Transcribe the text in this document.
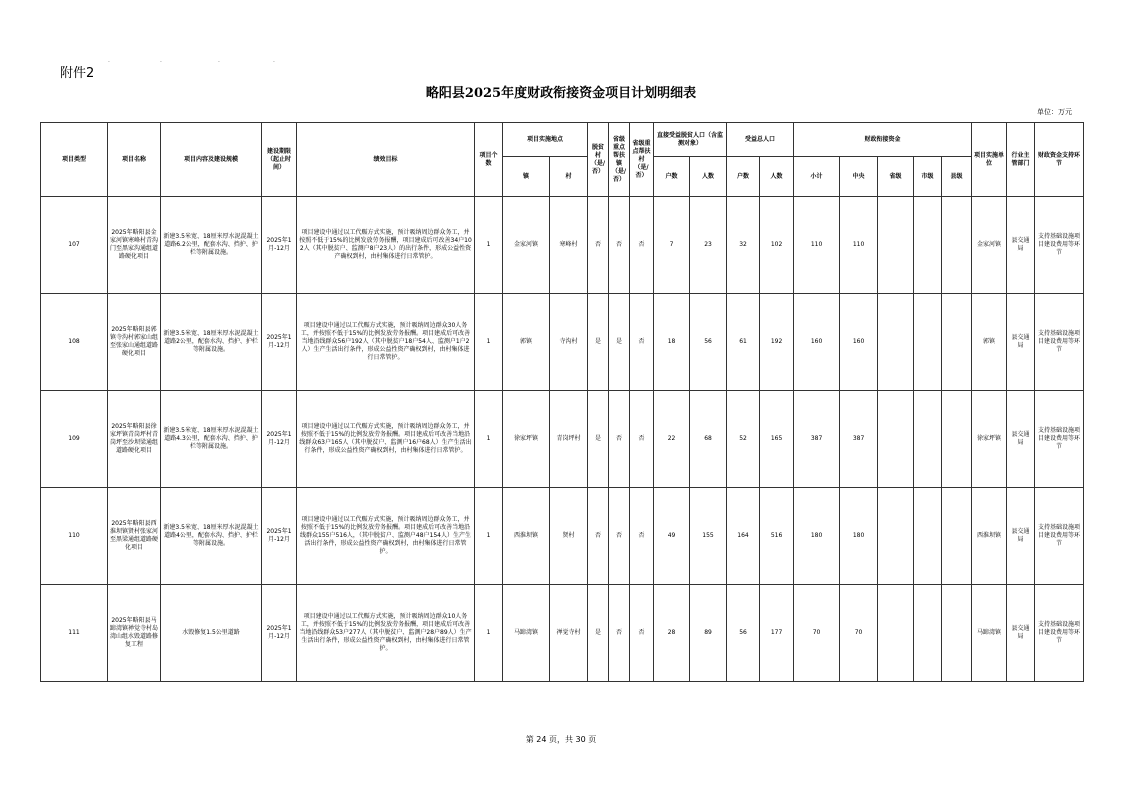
附件2
·	·	·	·
略阳县2025年度财政衔接资金项目计划明细表
单位：万元
项目类型	项目名称	项目内容及建设规模	建设期限（起止时间）	绩效目标	项目个数	项目实施地点		脱贫村（是/否）	省级重点帮扶镇（是/否）	省级重点帮扶村（是/否）	直接受益脱贫人口（含监测对象）		受益总人口		财政衔接资金					项目实施单位	行业主管部门	财政资金支持环节
						镇	村				户数	人数	户数	人数	小计	中央	省级	市级	县级			
107	2025年略阳县金家河镇寒峰村青沟门至黑家沟通组道路硬化项目	新建3.5米宽、18厘米厚水泥混凝土道路6.2公里，配套水沟、挡护、护栏等附属设施。	2025年1月-12月	项目建设中通过以工代赈方式实施，预计吸纳周边群众务工，并按照不低于15%的比例发放劳务报酬，项目建成后可改善34户102人（其中脱贫户、监测户8户23人）的出行条件，形成公益性资产确权到村，由村集体进行日常管护。	1	金家河镇	寒峰村	否	否	否	7	23	32	102	110	110				金家河镇	县交通局	支持基础设施项目建设费用等环节
108	2025年略阳县郭镇寺沟村郭家山组至张家山通组道路硬化项目	新建3.5米宽、18厘米厚水泥混凝土道路2公里，配套水沟、挡护、护栏等附属设施。	2025年1月-12月	项目建设中通过以工代赈方式实施，预计吸纳周边群众30人务工，并按照不低于15%的比例发放劳务报酬。项目建成后可改善当地沿线群众56户192人（其中脱贫户18户54人、监测户1户2人）生产生活出行条件，形成公益性资产确权到村，由村集体进行日常管护。	1	郭镇	寺沟村	是	是	否	18	56	61	192	160	160				郭镇	县交通局	支持基础设施项目建设费用等环节
109	2025年略阳县徐家坪镇青岗坪村青岗坪至沙坝梁通组道路硬化项目	新建3.5米宽、18厘米厚水泥混凝土道路4.3公里，配套水沟、挡护、护栏等附属设施。	2025年1月-12月	项目建设中通过以工代赈方式实施，预计吸纳周边群众务工，并按照不低于15%的比例发放劳务报酬。项目建成后可改善当地沿线群众63户165人（其中脱贫户、监测户16户68人）生产生活出行条件，形成公益性资产确权到村，由村集体进行日常管护。	1	徐家坪镇	青岗坪村	是	否	否	22	68	52	165	387	387				徐家坪镇	县交通局	支持基础设施项目建设费用等环节
110	2025年略阳县西淮坝镇贤村张家河至黑梁通组道路硬化项目	新建3.5米宽、18厘米厚水泥混凝土道路4公里，配套水沟、挡护、护栏等附属设施。	2025年1月-12月	项目建设中通过以工代赈方式实施，预计吸纳周边群众务工，并按照不低于15%的比例发放劳务报酬。项目建成后可改善当地沿线群众155户516人，（其中脱贫户、监测户48户154人）生产生活出行条件，形成公益性资产确权到村，由村集体进行日常管护。	1	西淮坝镇	贤村	否	否	否	49	155	164	516	180	180				西淮坝镇	县交通局	支持基础设施项目建设费用等环节
111	2025年略阳县马蹄湾镇禅觉寺村岛湾山组水毁道路修复工程	水毁修复1.5公里道路	2025年1月-12月	项目建设中通过以工代赈方式实施，预计吸纳周边群众10人务工，并按照不低于15%的比例发放劳务报酬，项目建成后可改善当地沿线群众53户277人（其中脱贫户、监测户28户89人）生产生活出行条件，形成公益性资产确权到村，由村集体进行日常管护。	1	马蹄湾镇	禅觉寺村	是	否	否	28	89	56	177	70	70				马蹄湾镇	县交通局	支持基础设施项目建设费用等环节
第 24 页，共 30 页
